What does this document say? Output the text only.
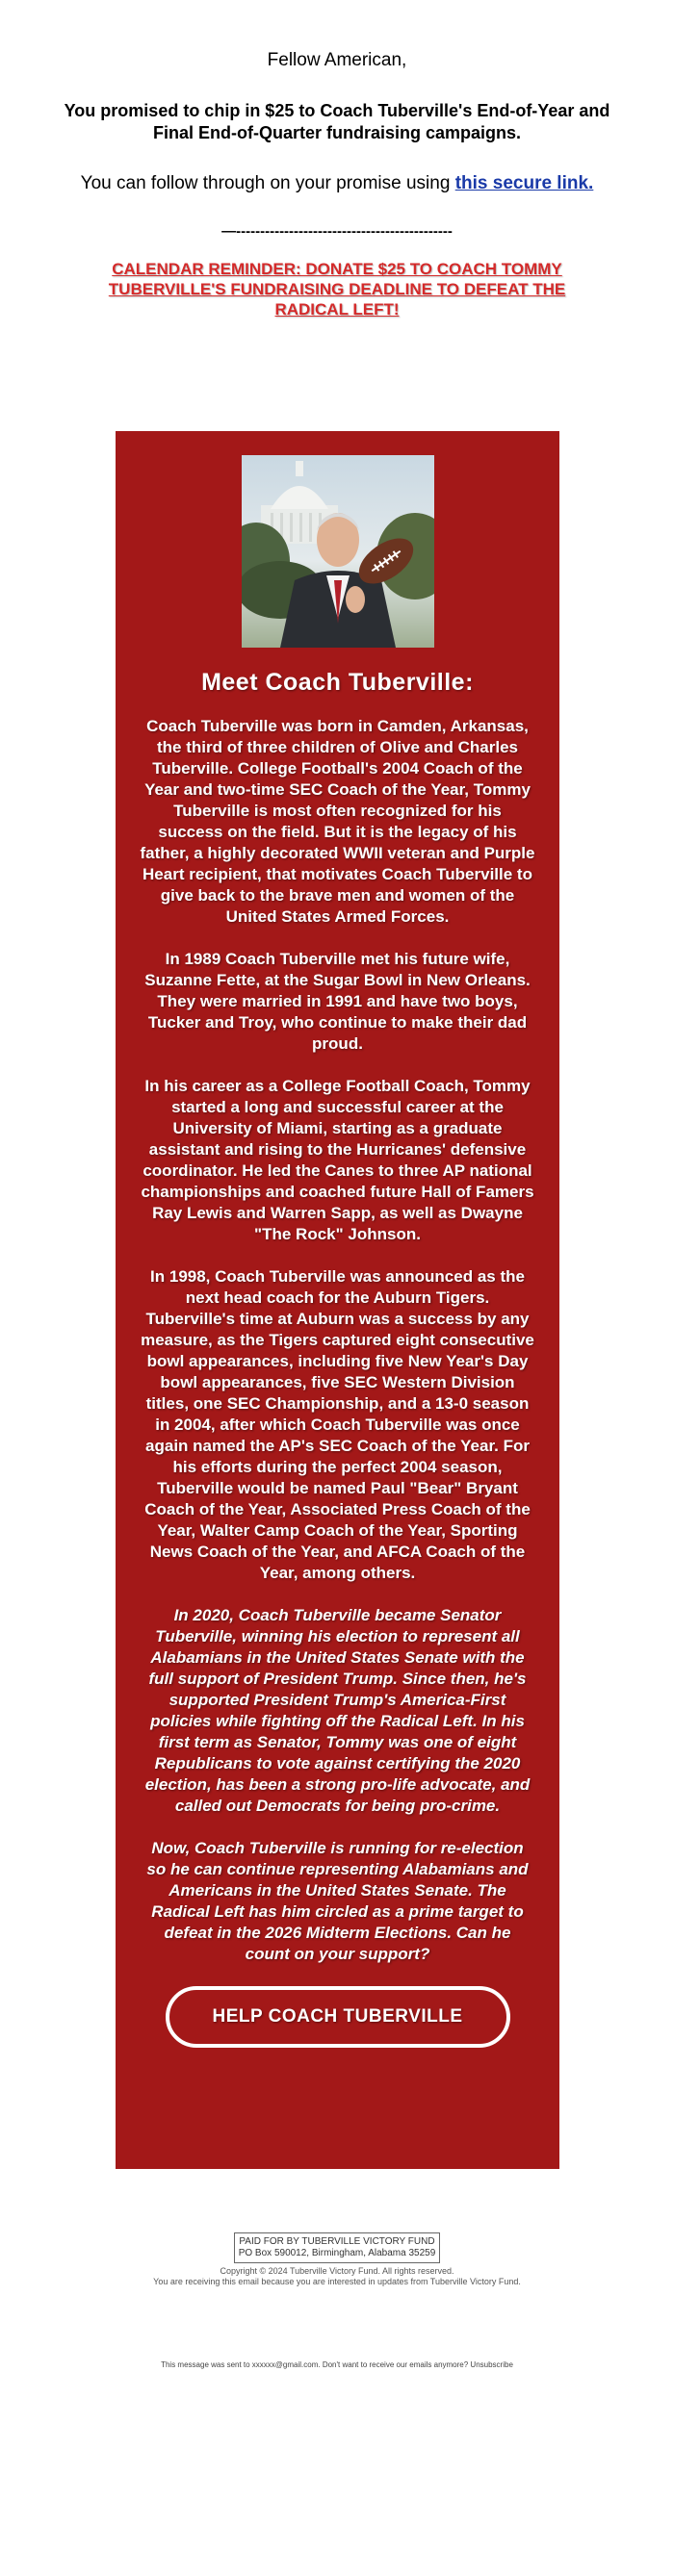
Fellow American,

You promised to chip in $25 to Coach Tuberville's End-of-Year and Final End-of-Quarter fundraising campaigns.

You can follow through on your promise using this secure link.

—---------------------------------------------

CALENDAR REMINDER: DONATE $25 TO COACH TOMMY TUBERVILLE'S FUNDRAISING DEADLINE TO DEFEAT THE RADICAL LEFT!
Meet Coach Tuberville:

Coach Tuberville was born in Camden, Arkansas, the third of three children of Olive and Charles Tuberville. College Football's 2004 Coach of the Year and two-time SEC Coach of the Year, Tommy Tuberville is most often recognized for his success on the field. But it is the legacy of his father, a highly decorated WWII veteran and Purple Heart recipient, that motivates Coach Tuberville to give back to the brave men and women of the United States Armed Forces.

In 1989 Coach Tuberville met his future wife, Suzanne Fette, at the Sugar Bowl in New Orleans. They were married in 1991 and have two boys, Tucker and Troy, who continue to make their dad proud.

In his career as a College Football Coach, Tommy started a long and successful career at the University of Miami, starting as a graduate assistant and rising to the Hurricanes' defensive coordinator. He led the Canes to three AP national championships and coached future Hall of Famers Ray Lewis and Warren Sapp, as well as Dwayne "The Rock" Johnson.

In 1998, Coach Tuberville was announced as the next head coach for the Auburn Tigers. Tuberville's time at Auburn was a success by any measure, as the Tigers captured eight consecutive bowl appearances, including five New Year's Day bowl appearances, five SEC Western Division titles, one SEC Championship, and a 13-0 season in 2004, after which Coach Tuberville was once again named the AP's SEC Coach of the Year. For his efforts during the perfect 2004 season, Tuberville would be named Paul "Bear" Bryant Coach of the Year, Associated Press Coach of the Year, Walter Camp Coach of the Year, Sporting News Coach of the Year, and AFCA Coach of the Year, among others.

In 2020, Coach Tuberville became Senator Tuberville, winning his election to represent all Alabamians in the United States Senate with the full support of President Trump. Since then, he's supported President Trump's America-First policies while fighting off the Radical Left. In his first term as Senator, Tommy was one of eight Republicans to vote against certifying the 2020 election, has been a strong pro-life advocate, and called out Democrats for being pro-crime.

Now, Coach Tuberville is running for re-election so he can continue representing Alabamians and Americans in the United States Senate. The Radical Left has him circled as a prime target to defeat in the 2026 Midterm Elections. Can he count on your support?

HELP COACH TUBERVILLE
PAID FOR BY TUBERVILLE VICTORY FUND
PO Box 590012, Birmingham, Alabama 35259

Copyright © 2024 Tuberville Victory Fund. All rights reserved.

You are receiving this email because you are interested in updates from Tuberville Victory Fund.

This message was sent to xxxxxx@gmail.com. Don't want to receive our emails anymore? Unsubscribe
